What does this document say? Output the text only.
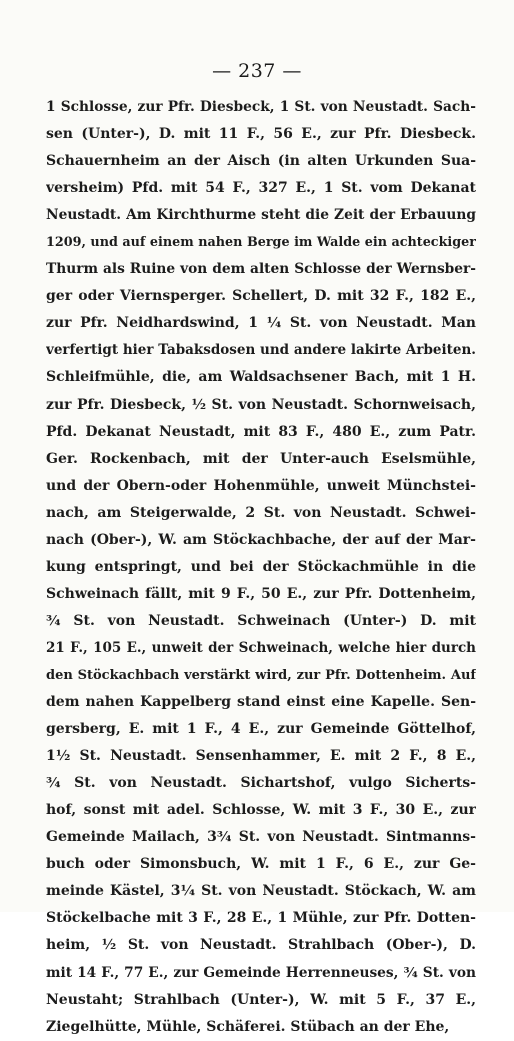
— 237 —
1 Schlosse, zur Pfr. Diesbeck, 1 St. von Neustadt. Sach-
sen (Unter-), D. mit 11 F., 56 E., zur Pfr. Diesbeck.
Schauernheim an der Aisch (in alten Urkunden Sua-
versheim) Pfd. mit 54 F., 327 E., 1 St. vom Dekanat
Neustadt. Am Kirchthurme steht die Zeit der Erbauung
1209, und auf einem nahen Berge im Walde ein achteckiger
Thurm als Ruine von dem alten Schlosse der Wernsber-
ger oder Viernsperger. Schellert, D. mit 32 F., 182 E.,
zur Pfr. Neidhardswind, 1 ¼ St. von Neustadt. Man
verfertigt hier Tabaksdosen und andere lakirte Arbeiten.
Schleifmühle, die, am Waldsachsener Bach, mit 1 H.
zur Pfr. Diesbeck, ½ St. von Neustadt. Schornweisach,
Pfd. Dekanat Neustadt, mit 83 F., 480 E., zum Patr.
Ger. Rockenbach, mit der Unter-auch Eselsmühle,
und der Obern-oder Hohenmühle, unweit Münchstei-
nach, am Steigerwalde, 2 St. von Neustadt. Schwei-
nach (Ober-), W. am Stöckachbache, der auf der Mar-
kung entspringt, und bei der Stöckachmühle in die
Schweinach fällt, mit 9 F., 50 E., zur Pfr. Dottenheim,
¾ St. von Neustadt. Schweinach (Unter-) D. mit
21 F., 105 E., unweit der Schweinach, welche hier durch
den Stöckachbach verstärkt wird, zur Pfr. Dottenheim. Auf
dem nahen Kappelberg stand einst eine Kapelle. Sen-
gersberg, E. mit 1 F., 4 E., zur Gemeinde Göttelhof,
1½ St. Neustadt. Sensenhammer, E. mit 2 F., 8 E.,
¾ St. von Neustadt. Sichartshof, vulgo Sicherts-
hof, sonst mit adel. Schlosse, W. mit 3 F., 30 E., zur
Gemeinde Mailach, 3¾ St. von Neustadt. Sintmanns-
buch oder Simonsbuch, W. mit 1 F., 6 E., zur Ge-
meinde Kästel, 3¼ St. von Neustadt. Stöckach, W. am
Stöckelbache mit 3 F., 28 E., 1 Mühle, zur Pfr. Dotten-
heim, ½ St. von Neustadt. Strahlbach (Ober-), D.
mit 14 F., 77 E., zur Gemeinde Herrenneuses, ¾ St. von
Neustaht; Strahlbach (Unter-), W. mit 5 F., 37 E.,
Ziegelhütte, Mühle, Schäferei. Stübach an der Ehe,
